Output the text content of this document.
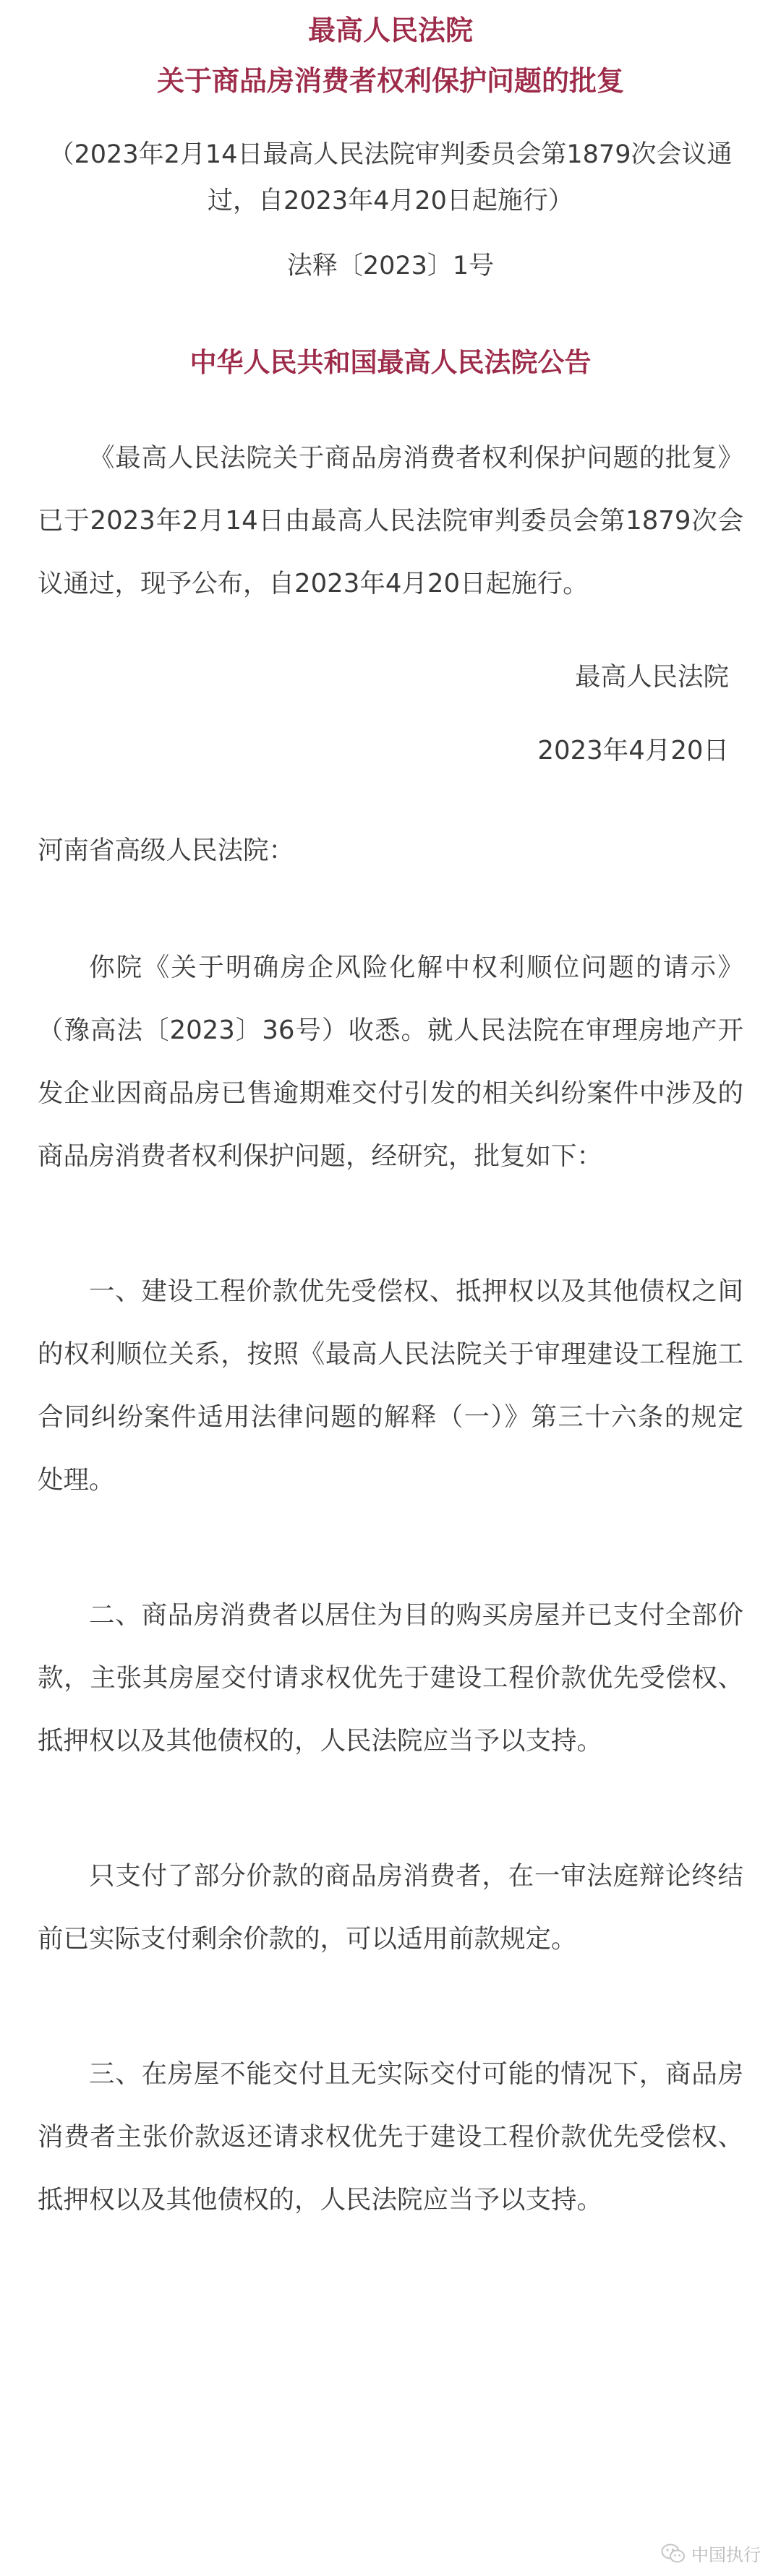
最高人民法院
关于商品房消费者权利保护问题的批复

（2023年2月14日最高人民法院审判委员会第1879次会议通过，自2023年4月20日起施行）

法释〔2023〕1号

中华人民共和国最高人民法院公告

《最高人民法院关于商品房消费者权利保护问题的批复》已于2023年2月14日由最高人民法院审判委员会第1879次会议通过，现予公布，自2023年4月20日起施行。

最高人民法院

2023年4月20日

河南省高级人民法院：

你院《关于明确房企风险化解中权利顺位问题的请示》（豫高法〔2023〕36号）收悉。就人民法院在审理房地产开发企业因商品房已售逾期难交付引发的相关纠纷案件中涉及的商品房消费者权利保护问题，经研究，批复如下：

一、建设工程价款优先受偿权、抵押权以及其他债权之间的权利顺位关系，按照《最高人民法院关于审理建设工程施工合同纠纷案件适用法律问题的解释（一）》第三十六条的规定处理。

二、商品房消费者以居住为目的购买房屋并已支付全部价款，主张其房屋交付请求权优先于建设工程价款优先受偿权、抵押权以及其他债权的，人民法院应当予以支持。

只支付了部分价款的商品房消费者，在一审法庭辩论终结前已实际支付剩余价款的，可以适用前款规定。

三、在房屋不能交付且无实际交付可能的情况下，商品房消费者主张价款返还请求权优先于建设工程价款优先受偿权、抵押权以及其他债权的，人民法院应当予以支持。

中国执行
